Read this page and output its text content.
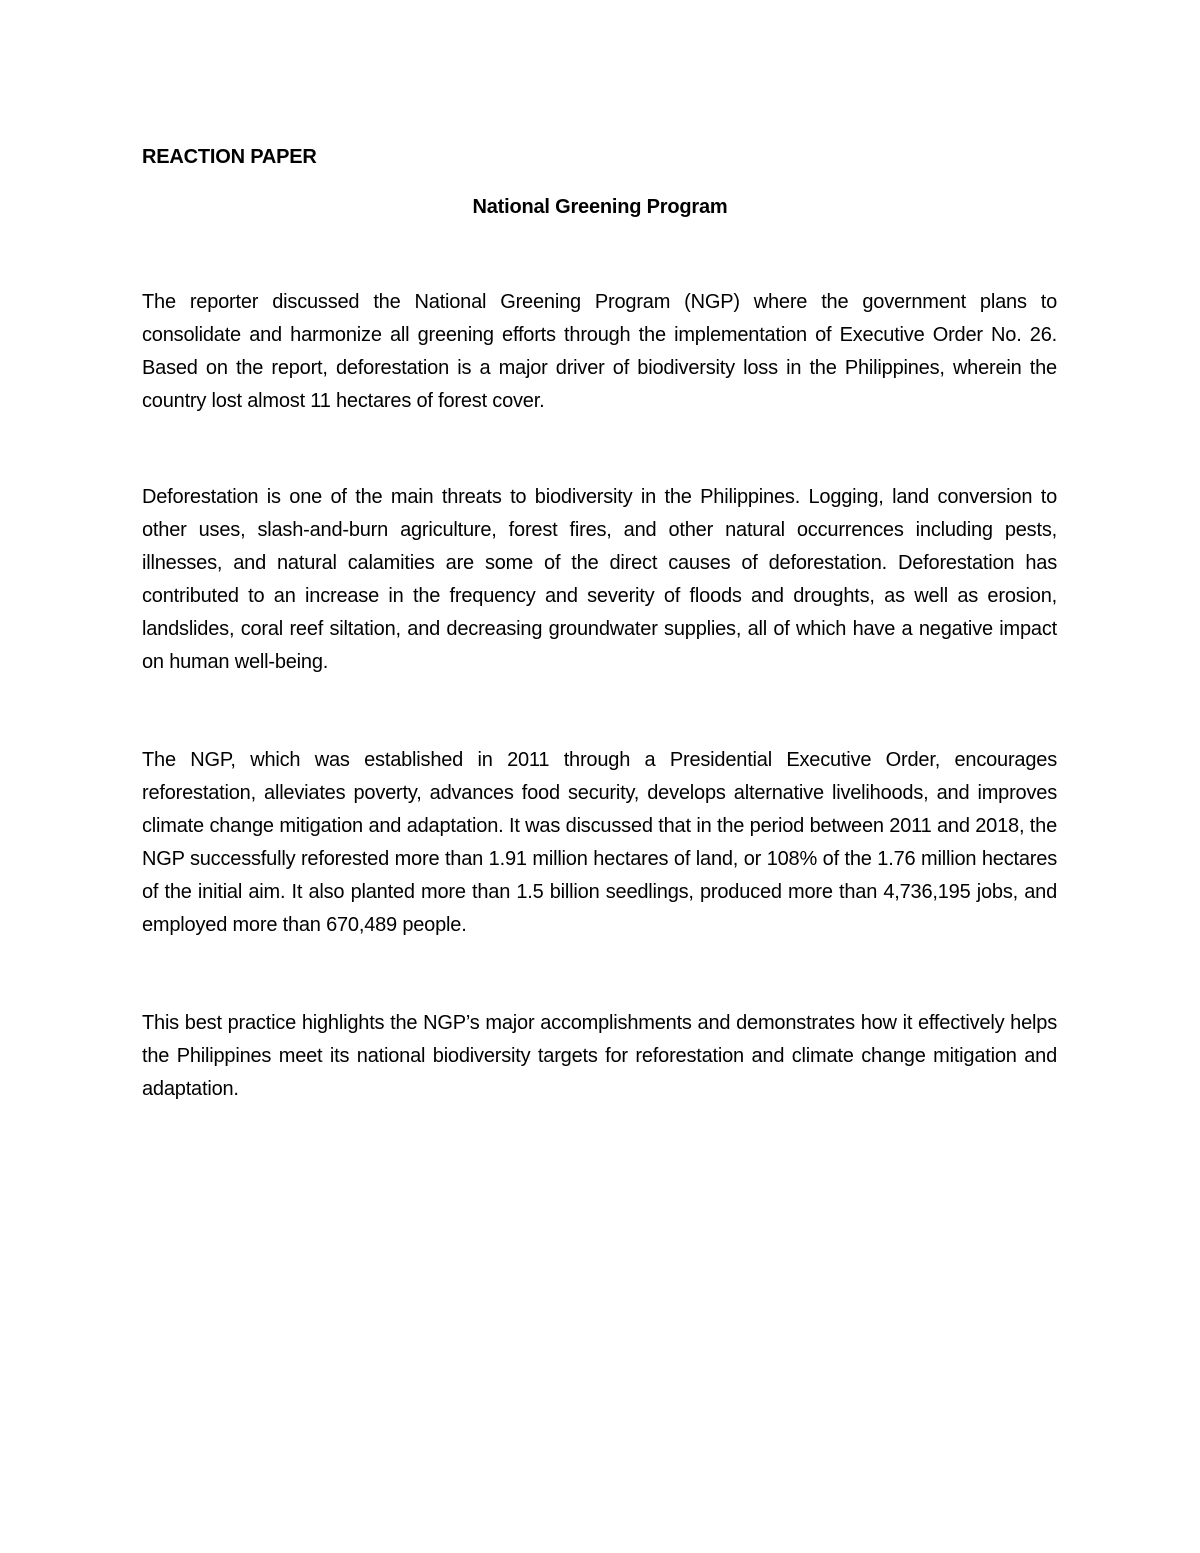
REACTION PAPER
National Greening Program

The reporter discussed the National Greening Program (NGP) where the government plans to consolidate and harmonize all greening efforts through the implementation of Executive Order No. 26. Based on the report, deforestation is a major driver of biodiversity loss in the Philippines, wherein the country lost almost 11 hectares of forest cover.

Deforestation is one of the main threats to biodiversity in the Philippines. Logging, land conversion to other uses, slash-and-burn agriculture, forest fires, and other natural occurrences including pests, illnesses, and natural calamities are some of the direct causes of deforestation. Deforestation has contributed to an increase in the frequency and severity of floods and droughts, as well as erosion, landslides, coral reef siltation, and decreasing groundwater supplies, all of which have a negative impact on human well-being.

The NGP, which was established in 2011 through a Presidential Executive Order, encourages reforestation, alleviates poverty, advances food security, develops alternative livelihoods, and improves climate change mitigation and adaptation. It was discussed that in the period between 2011 and 2018, the NGP successfully reforested more than 1.91 million hectares of land, or 108% of the 1.76 million hectares of the initial aim. It also planted more than 1.5 billion seedlings, produced more than 4,736,195 jobs, and employed more than 670,489 people.

This best practice highlights the NGP’s major accomplishments and demonstrates how it effectively helps the Philippines meet its national biodiversity targets for reforestation and climate change mitigation and adaptation.
